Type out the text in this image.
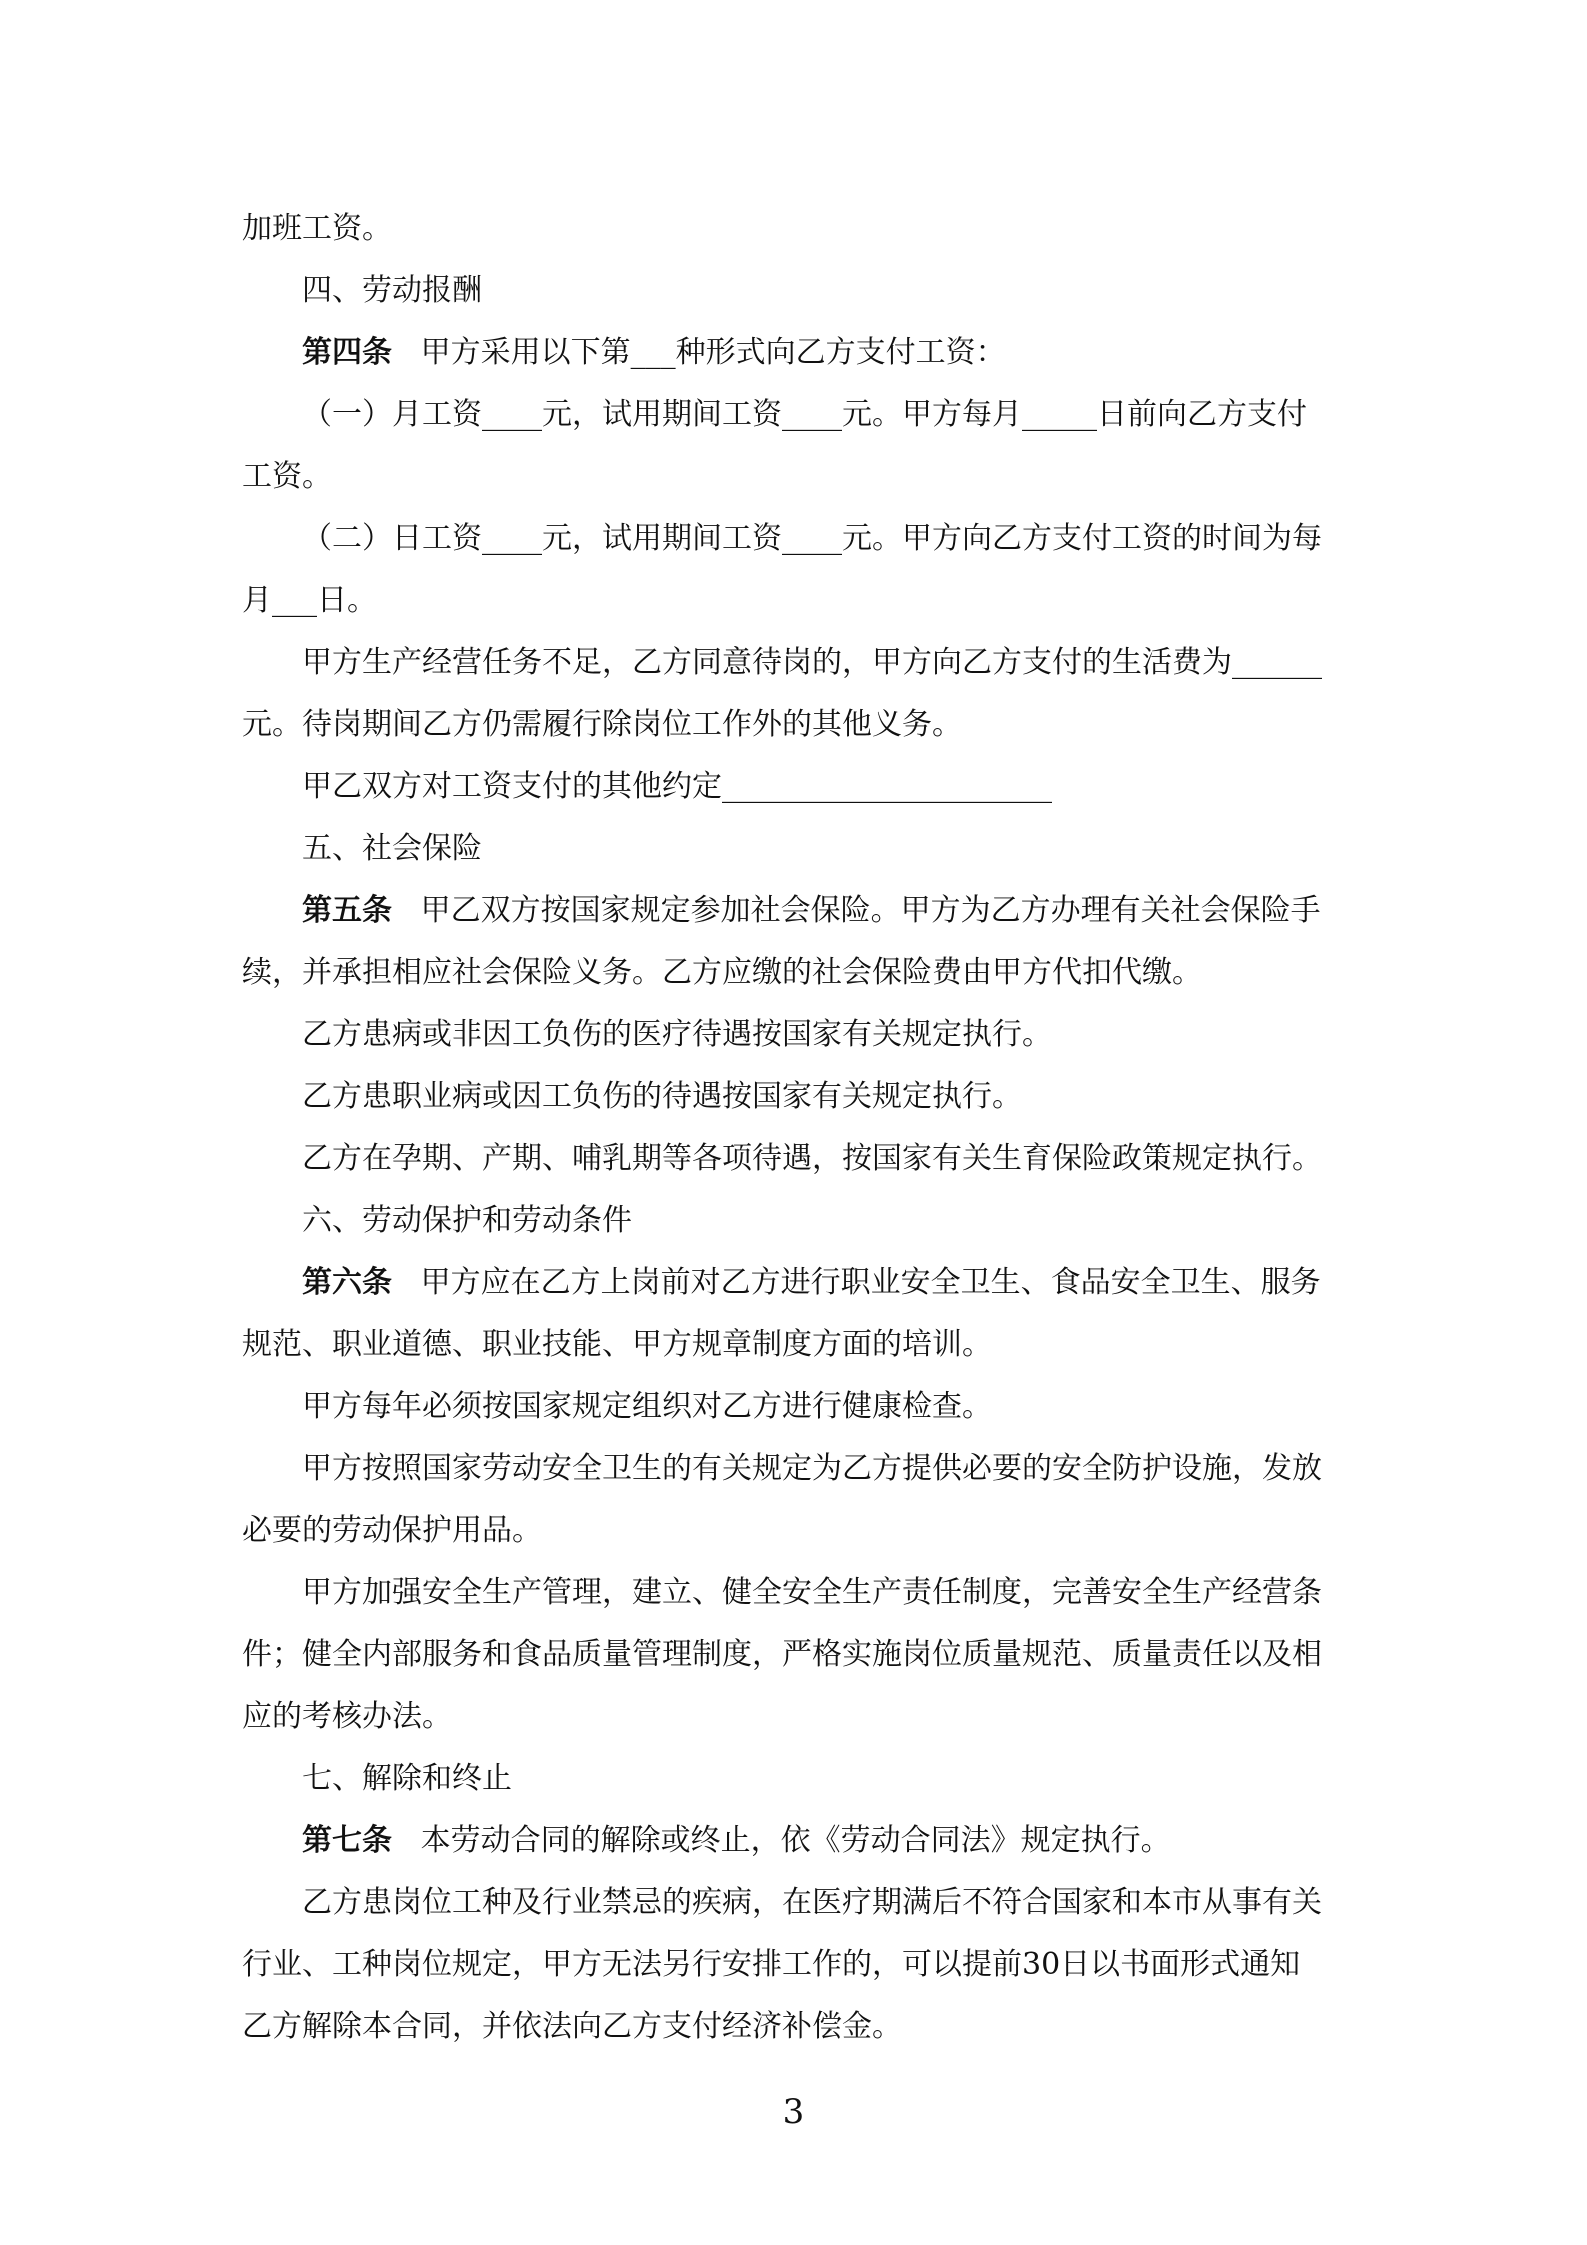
加班工资。

四、劳动报酬

第四条   甲方采用以下第___种形式向乙方支付工资：

（一）月工资____元，试用期间工资____元。甲方每月_____日前向乙方支付

工资。

（二）日工资____元，试用期间工资____元。甲方向乙方支付工资的时间为每

月___日。

甲方生产经营任务不足，乙方同意待岗的，甲方向乙方支付的生活费为______

元。待岗期间乙方仍需履行除岗位工作外的其他义务。

甲乙双方对工资支付的其他约定______________________

五、社会保险

第五条   甲乙双方按国家规定参加社会保险。甲方为乙方办理有关社会保险手

续，并承担相应社会保险义务。乙方应缴的社会保险费由甲方代扣代缴。

乙方患病或非因工负伤的医疗待遇按国家有关规定执行。

乙方患职业病或因工负伤的待遇按国家有关规定执行。

乙方在孕期、产期、哺乳期等各项待遇，按国家有关生育保险政策规定执行。

六、劳动保护和劳动条件

第六条   甲方应在乙方上岗前对乙方进行职业安全卫生、食品安全卫生、服务

规范、职业道德、职业技能、甲方规章制度方面的培训。

甲方每年必须按国家规定组织对乙方进行健康检查。

甲方按照国家劳动安全卫生的有关规定为乙方提供必要的安全防护设施，发放

必要的劳动保护用品。

甲方加强安全生产管理，建立、健全安全生产责任制度，完善安全生产经营条

件；健全内部服务和食品质量管理制度，严格实施岗位质量规范、质量责任以及相

应的考核办法。

七、解除和终止

第七条   本劳动合同的解除或终止，依《劳动合同法》规定执行。

乙方患岗位工种及行业禁忌的疾病，在医疗期满后不符合国家和本市从事有关

行业、工种岗位规定，甲方无法另行安排工作的，可以提前30日以书面形式通知

乙方解除本合同，并依法向乙方支付经济补偿金。

3
